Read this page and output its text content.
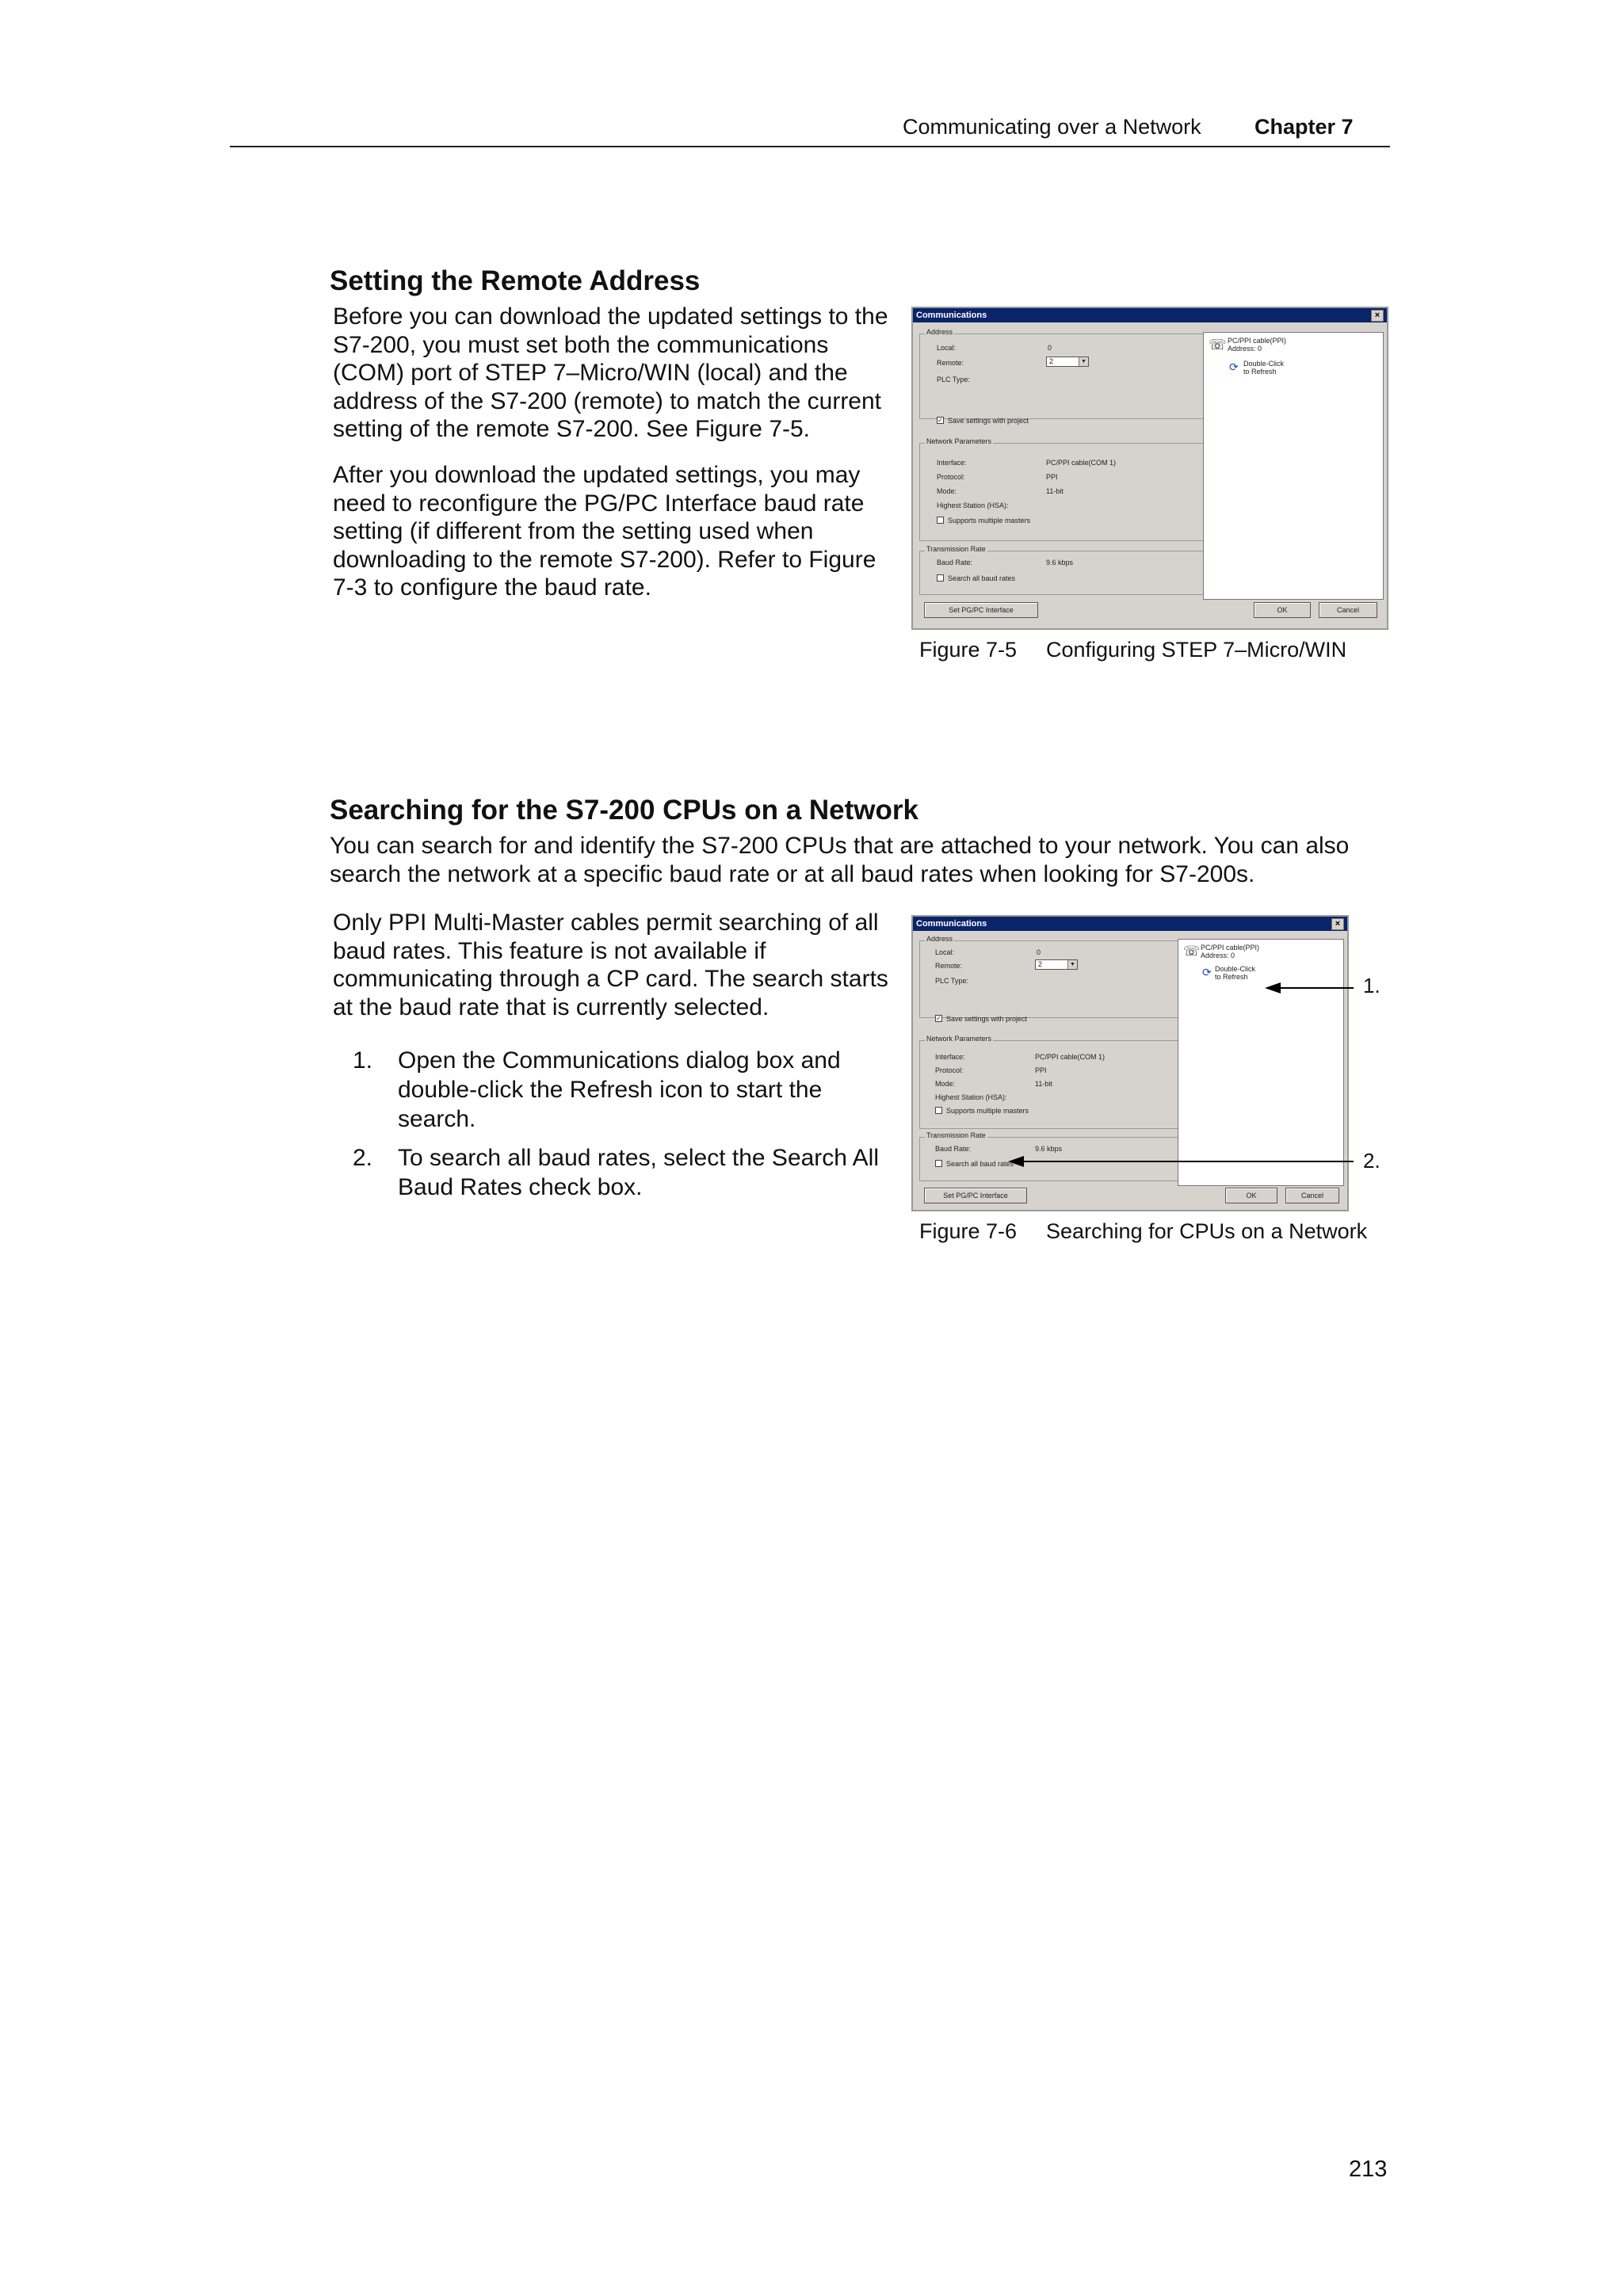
Communicating over a Network Chapter 7
Setting the Remote Address

Before you can download the updated settings to the S7-200, you must set both the communications (COM) port of STEP 7–Micro/WIN (local) and the address of the S7-200 (remote) to match the current setting of the remote S7-200. See Figure 7-5.

After you download the updated settings, you may need to reconfigure the PG/PC Interface baud rate setting (if different from the setting used when downloading to the remote S7-200). Refer to Figure 7-3 to configure the baud rate.

Communications	×
Address
Local:	0
Remote:	2	▼
PLC Type:
✓ Save settings with project
Network Parameters
Interface:	PC/PPI cable(COM 1)
Protocol:	PPI
Mode:	11-bit
Highest Station (HSA):
Supports multiple masters
Transmission Rate
Baud Rate:	9.6 kbps
Search all baud rates
☏ PC/PPI cable(PPI)
Address: 0
⟳ Double-Click
to Refresh
Set PG/PC Interface	OK	Cancel
Figure 7-5 Configuring STEP 7–Micro/WIN
Searching for the S7-200 CPUs on a Network

You can search for and identify the S7-200 CPUs that are attached to your network. You can also search the network at a specific baud rate or at all baud rates when looking for S7-200s.

Only PPI Multi-Master cables permit searching of all baud rates. This feature is not available if communicating through a CP card. The search starts at the baud rate that is currently selected.

1. Open the Communications dialog box and double-click the Refresh icon to start the search.
2. To search all baud rates, select the Search All Baud Rates check box.
Communications	×
Address
Local:	0
Remote:	2	▼
PLC Type:
✓ Save settings with project
Network Parameters
Interface:	PC/PPI cable(COM 1)
Protocol:	PPI
Mode:	11-bit
Highest Station (HSA):
Supports multiple masters
Transmission Rate
Baud Rate:	9.6 kbps
Search all baud rates
☏ PC/PPI cable(PPI)
Address: 0
⟳ Double-Click
to Refresh
Set PG/PC Interface	OK	Cancel
1.
2.
Figure 7-6 Searching for CPUs on a Network
213
